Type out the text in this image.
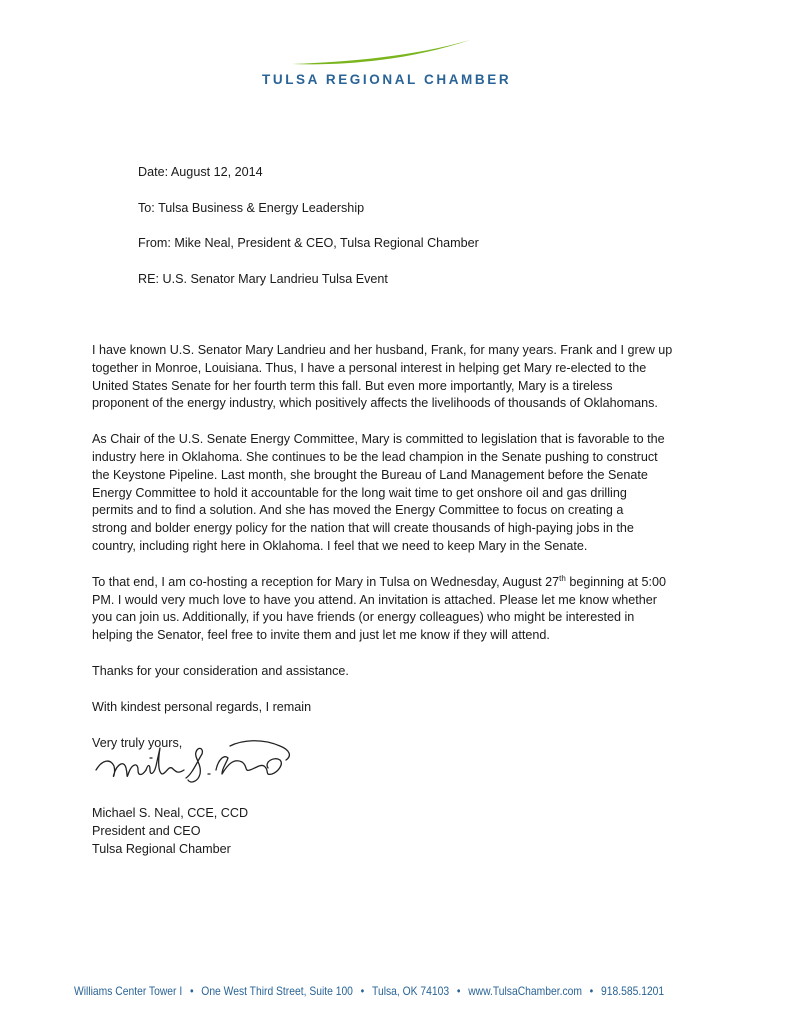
TULSA REGIONAL CHAMBER
Date: August 12, 2014
To: Tulsa Business & Energy Leadership
From: Mike Neal, President & CEO, Tulsa Regional Chamber
RE: U.S. Senator Mary Landrieu Tulsa Event

I have known U.S. Senator Mary Landrieu and her husband, Frank, for many years. Frank and I grew up
together in Monroe, Louisiana. Thus, I have a personal interest in helping get Mary re-elected to the
United States Senate for her fourth term this fall. But even more importantly, Mary is a tireless
proponent of the energy industry, which positively affects the livelihoods of thousands of Oklahomans.

As Chair of the U.S. Senate Energy Committee, Mary is committed to legislation that is favorable to the
industry here in Oklahoma. She continues to be the lead champion in the Senate pushing to construct
the Keystone Pipeline. Last month, she brought the Bureau of Land Management before the Senate
Energy Committee to hold it accountable for the long wait time to get onshore oil and gas drilling
permits and to find a solution. And she has moved the Energy Committee to focus on creating a
strong and bolder energy policy for the nation that will create thousands of high-paying jobs in the
country, including right here in Oklahoma. I feel that we need to keep Mary in the Senate.

To that end, I am co-hosting a reception for Mary in Tulsa on Wednesday, August 27th beginning at 5:00
PM. I would very much love to have you attend. An invitation is attached. Please let me know whether
you can join us. Additionally, if you have friends (or energy colleagues) who might be interested in
helping the Senator, feel free to invite them and just let me know if they will attend.

Thanks for your consideration and assistance.
With kindest personal regards, I remain
Very truly yours,
Michael S. Neal, CCE, CCD
President and CEO
Tulsa Regional Chamber
Williams Center Tower I • One West Third Street, Suite 100 • Tulsa, OK 74103 • www.TulsaChamber.com • 918.585.1201
